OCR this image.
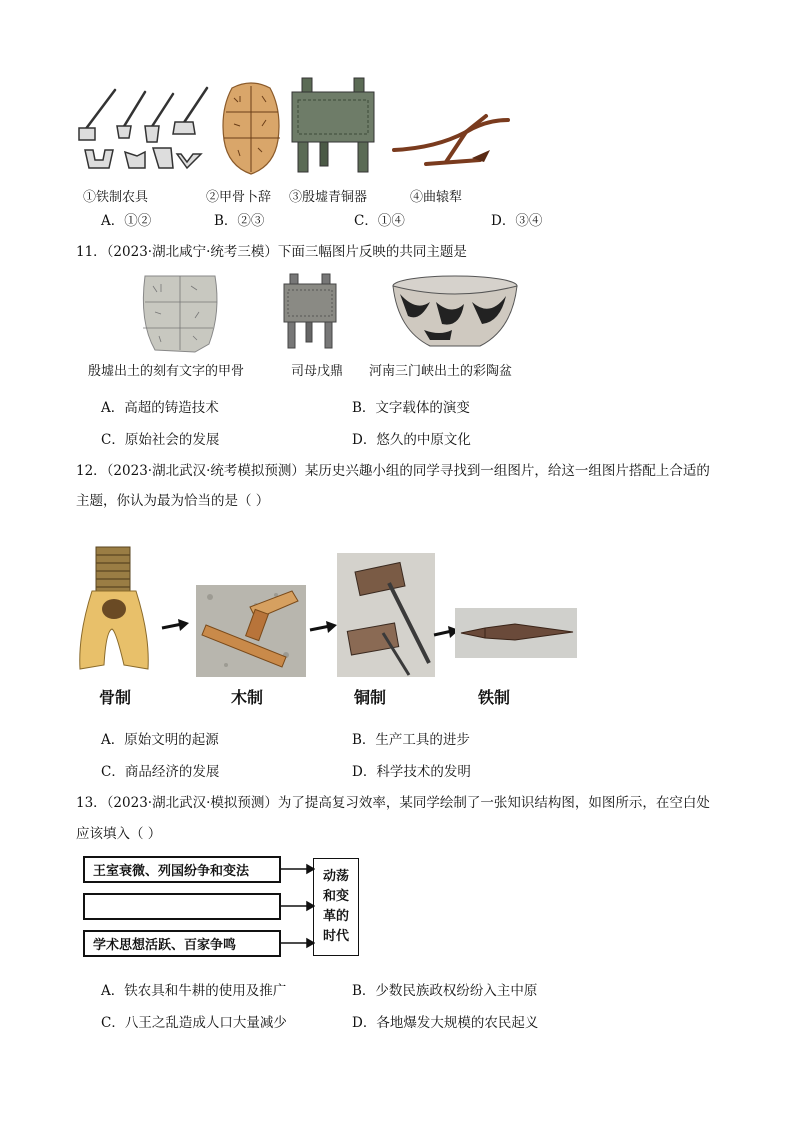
①铁制农具	②甲骨卜辞 ③殷墟青铜器	④曲辕犁
A．①②	B．②③	C．①④	D．③④
11．（2023·湖北咸宁·统考三模）下面三幅图片反映的共同主题是
殷墟出土的刻有文字的甲骨	司母戊鼎 河南三门峡出土的彩陶盆
A．高超的铸造技术	B．文字载体的演变
C．原始社会的发展	D．悠久的中原文化
12．（2023·湖北武汉·统考模拟预测）某历史兴趣小组的同学寻找到一组图片，给这一组图片搭配上合适的
主题，你认为最为恰当的是（ ）
骨制	木制	铜制	铁制
A．原始文明的起源	B．生产工具的进步
C．商品经济的发展	D．科学技术的发明
13．（2023·湖北武汉·模拟预测）为了提高复习效率，某同学绘制了一张知识结构图，如图所示，在空白处
应该填入（ ）
王室衰微、列国纷争和变法
学术思想活跃、百家争鸣
动荡
和变
革的
时代
A．铁农具和牛耕的使用及推广	B．少数民族政权纷纷入主中原
C．八王之乱造成人口大量减少	D．各地爆发大规模的农民起义
